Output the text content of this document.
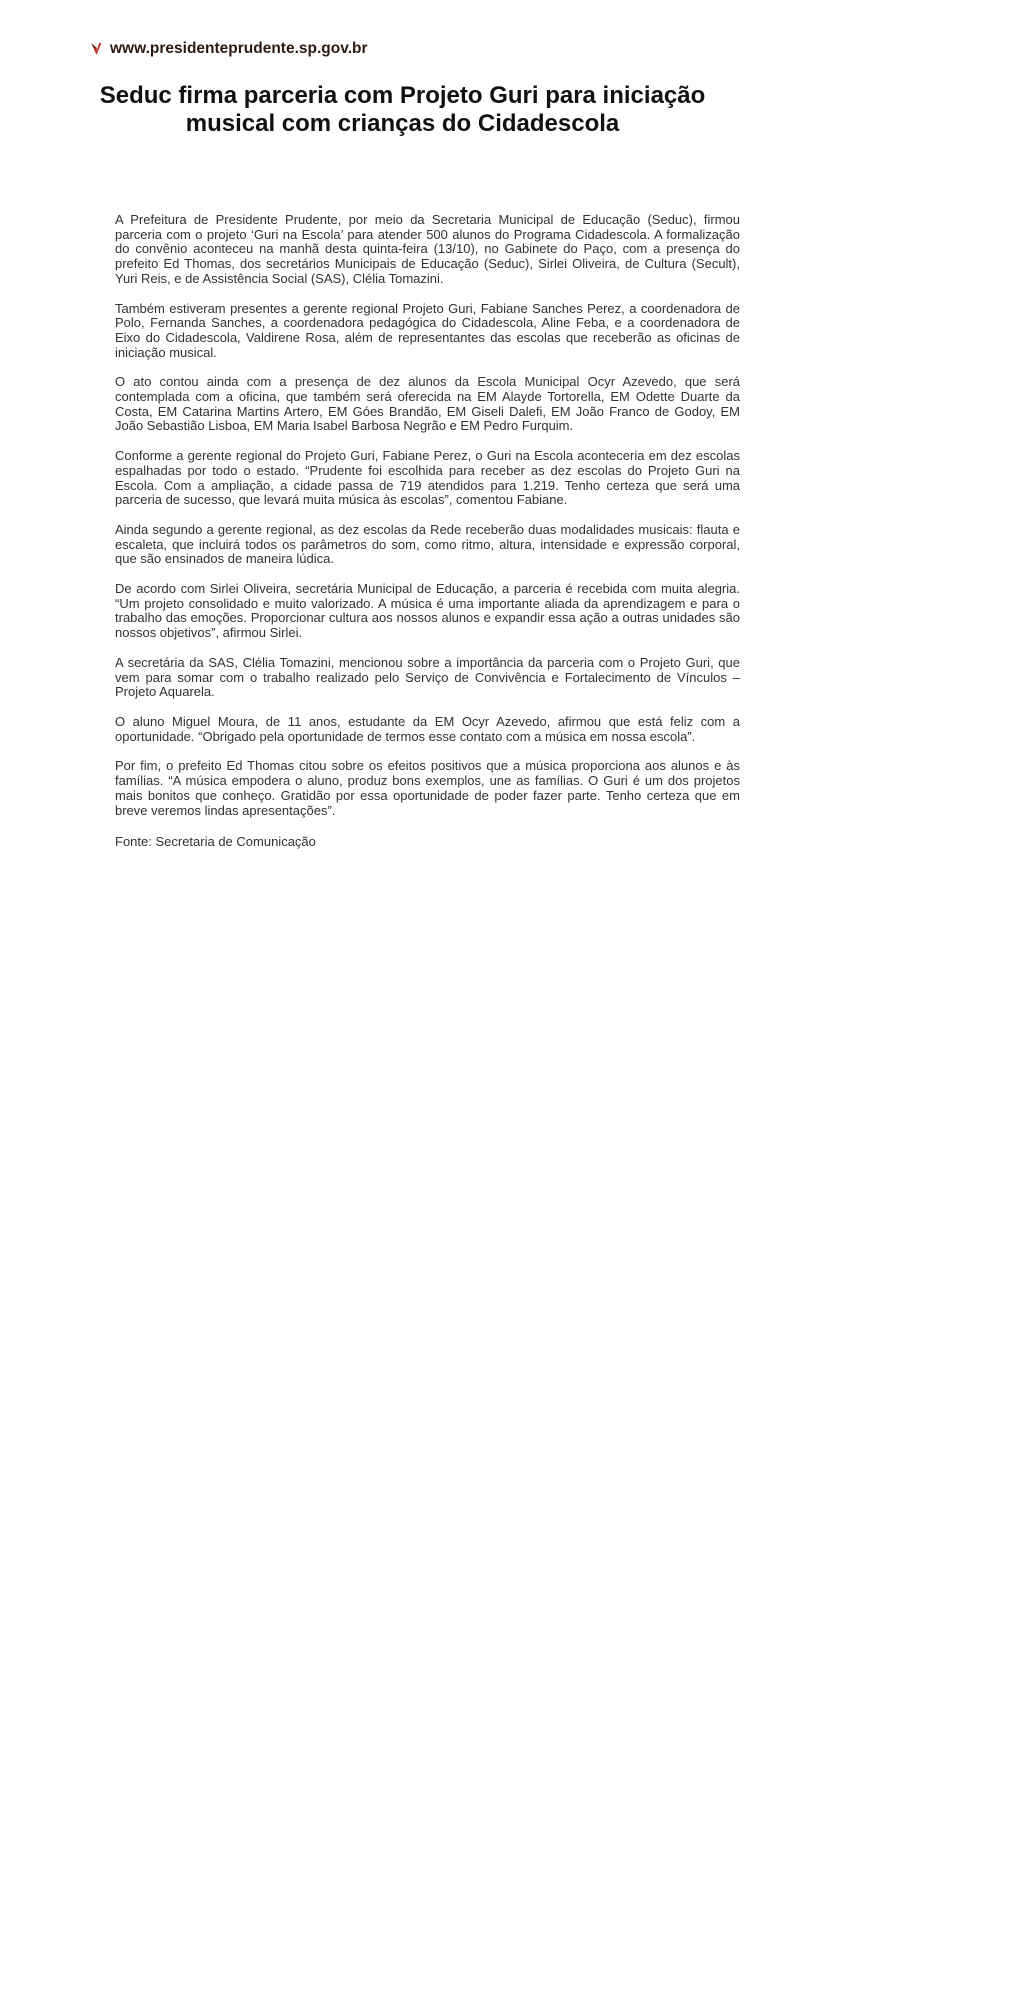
www.presidenteprudente.sp.gov.br
Seduc firma parceria com Projeto Guri para iniciação musical com crianças do Cidadescola

A Prefeitura de Presidente Prudente, por meio da Secretaria Municipal de Educação (Seduc), firmou parceria com o projeto ‘Guri na Escola’ para atender 500 alunos do Programa Cidadescola. A formalização do convênio aconteceu na manhã desta quinta-feira (13/10), no Gabinete do Paço, com a presença do prefeito Ed Thomas, dos secretários Municipais de Educação (Seduc), Sirlei Oliveira, de Cultura (Secult), Yuri Reis, e de Assistência Social (SAS), Clélia Tomazini.

Também estiveram presentes a gerente regional Projeto Guri, Fabiane Sanches Perez, a coordenadora de Polo, Fernanda Sanches, a coordenadora pedagógica do Cidadescola, Aline Feba, e a coordenadora de Eixo do Cidadescola, Valdirene Rosa, além de representantes das escolas que receberão as oficinas de iniciação musical.

O ato contou ainda com a presença de dez alunos da Escola Municipal Ocyr Azevedo, que será contemplada com a oficina, que também será oferecida na EM Alayde Tortorella, EM Odette Duarte da Costa, EM Catarina Martins Artero, EM Góes Brandão, EM Giseli Dalefi, EM João Franco de Godoy, EM João Sebastião Lisboa, EM Maria Isabel Barbosa Negrão e EM Pedro Furquim.

Conforme a gerente regional do Projeto Guri, Fabiane Perez, o Guri na Escola aconteceria em dez escolas espalhadas por todo o estado. “Prudente foi escolhida para receber as dez escolas do Projeto Guri na Escola. Com a ampliação, a cidade passa de 719 atendidos para 1.219. Tenho certeza que será uma parceria de sucesso, que levará muita música às escolas”, comentou Fabiane.

Ainda segundo a gerente regional, as dez escolas da Rede receberão duas modalidades musicais: flauta e escaleta, que incluirá todos os parâmetros do som, como ritmo, altura, intensidade e expressão corporal, que são ensinados de maneira lúdica.

De acordo com Sirlei Oliveira, secretária Municipal de Educação, a parceria é recebida com muita alegria. “Um projeto consolidado e muito valorizado. A música é uma importante aliada da aprendizagem e para o trabalho das emoções. Proporcionar cultura aos nossos alunos e expandir essa ação a outras unidades são nossos objetivos”, afirmou Sirlei.

A secretária da SAS, Clélia Tomazini, mencionou sobre a importância da parceria com o Projeto Guri, que vem para somar com o trabalho realizado pelo Serviço de Convivência e Fortalecimento de Vínculos – Projeto Aquarela.

O aluno Miguel Moura, de 11 anos, estudante da EM Ocyr Azevedo, afirmou que está feliz com a oportunidade. “Obrigado pela oportunidade de termos esse contato com a música em nossa escola”.

Por fim, o prefeito Ed Thomas citou sobre os efeitos positivos que a música proporciona aos alunos e às famílias. “A música empodera o aluno, produz bons exemplos, une as famílias. O Guri é um dos projetos mais bonitos que conheço. Gratidão por essa oportunidade de poder fazer parte. Tenho certeza que em breve veremos lindas apresentações”.

Fonte: Secretaria de Comunicação
